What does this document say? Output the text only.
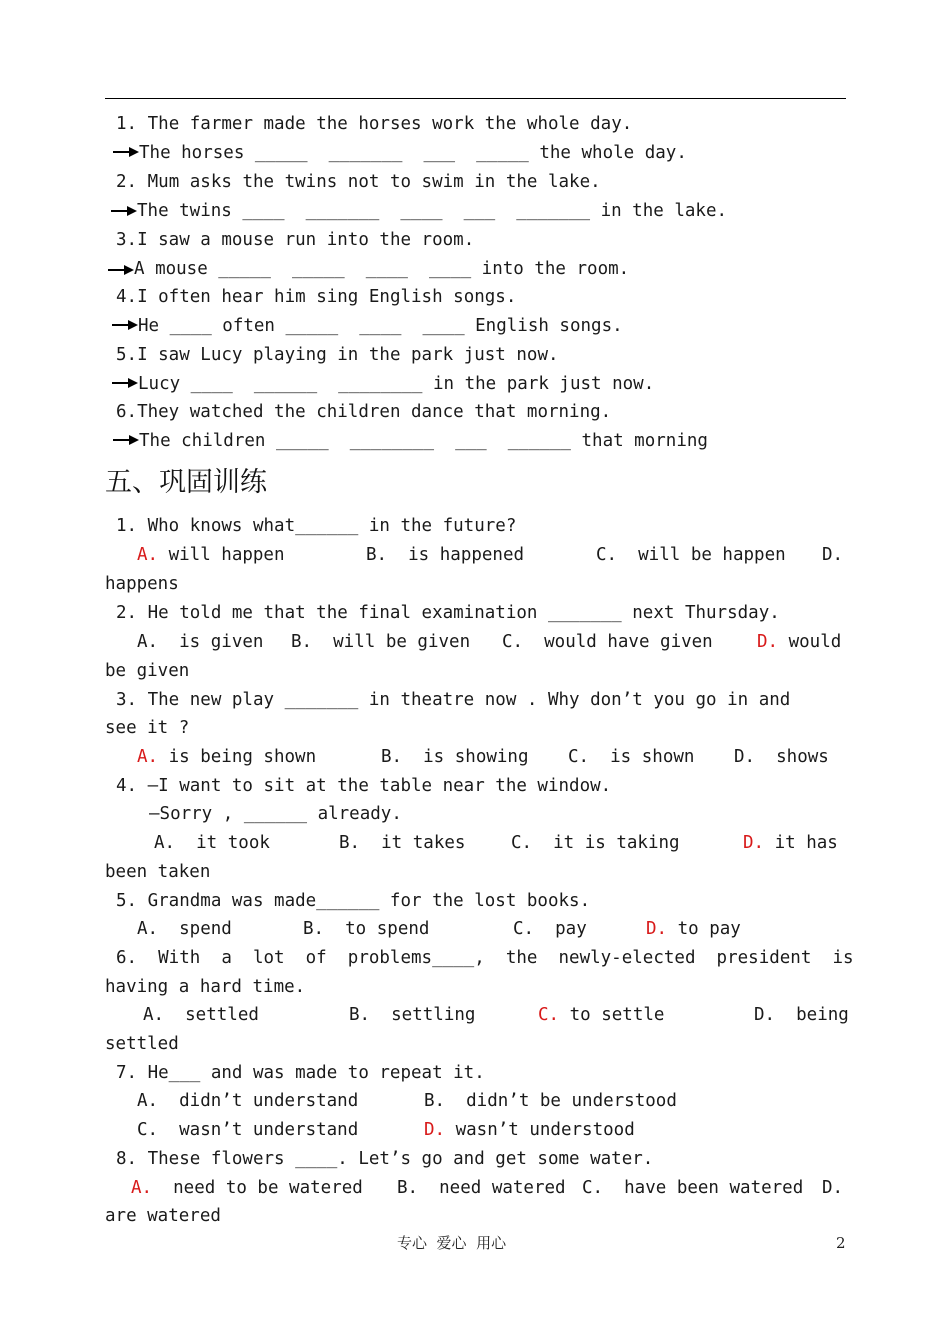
1. The farmer made the horses work the whole day.
The horses _____  _______  ___  _____ the whole day.
2. Mum asks the twins not to swim in the lake.
The twins ____  _______  ____  ___  _______ in the lake.
3.I saw a mouse run into the room.
A mouse _____  _____  ____  ____ into the room.
4.I often hear him sing English songs.
He ____ often _____  ____  ____ English songs.
5.I saw Lucy playing in the park just now.
Lucy ____  ______  ________ in the park just now.
6.They watched the children dance that morning.
The children _____  ________  ___  ______ that morning
五、巩固训练
1. Who knows what______ in the future?
A. will happen	B.  is happened	C.  will be happen D.
happens
2. He told me that the final examination _______ next Thursday.
A.  is given B.  will be given C.  would have given	D. would
be given
3. The new play _______ in theatre now . Why don’t you go in and
see it ?
A. is being shown	B.  is showing C.  is shown D.  shows
4. —I want to sit at the table near the window.
—Sorry , ______ already.
A.  it took	B.  it takes	C.  it is taking	D. it has
been taken
5. Grandma was made______ for the lost books.
A.  spend	B.  to spend	C.  pay	D. to pay
6.  With  a  lot  of  problems____,  the  newly-elected  president  is
having a hard time.
A.  settled	B.  settling	C. to settle	D.  being
settled
7. He___ and was made to repeat it.
A.  didn’t understand	B.  didn’t be understood
C.  wasn’t understand	D. wasn’t understood
8. These flowers ____. Let’s go and get some water.
A.  need to be watered B.  need watered C.  have been watered D.
are watered
专心  爱心  用心	2
